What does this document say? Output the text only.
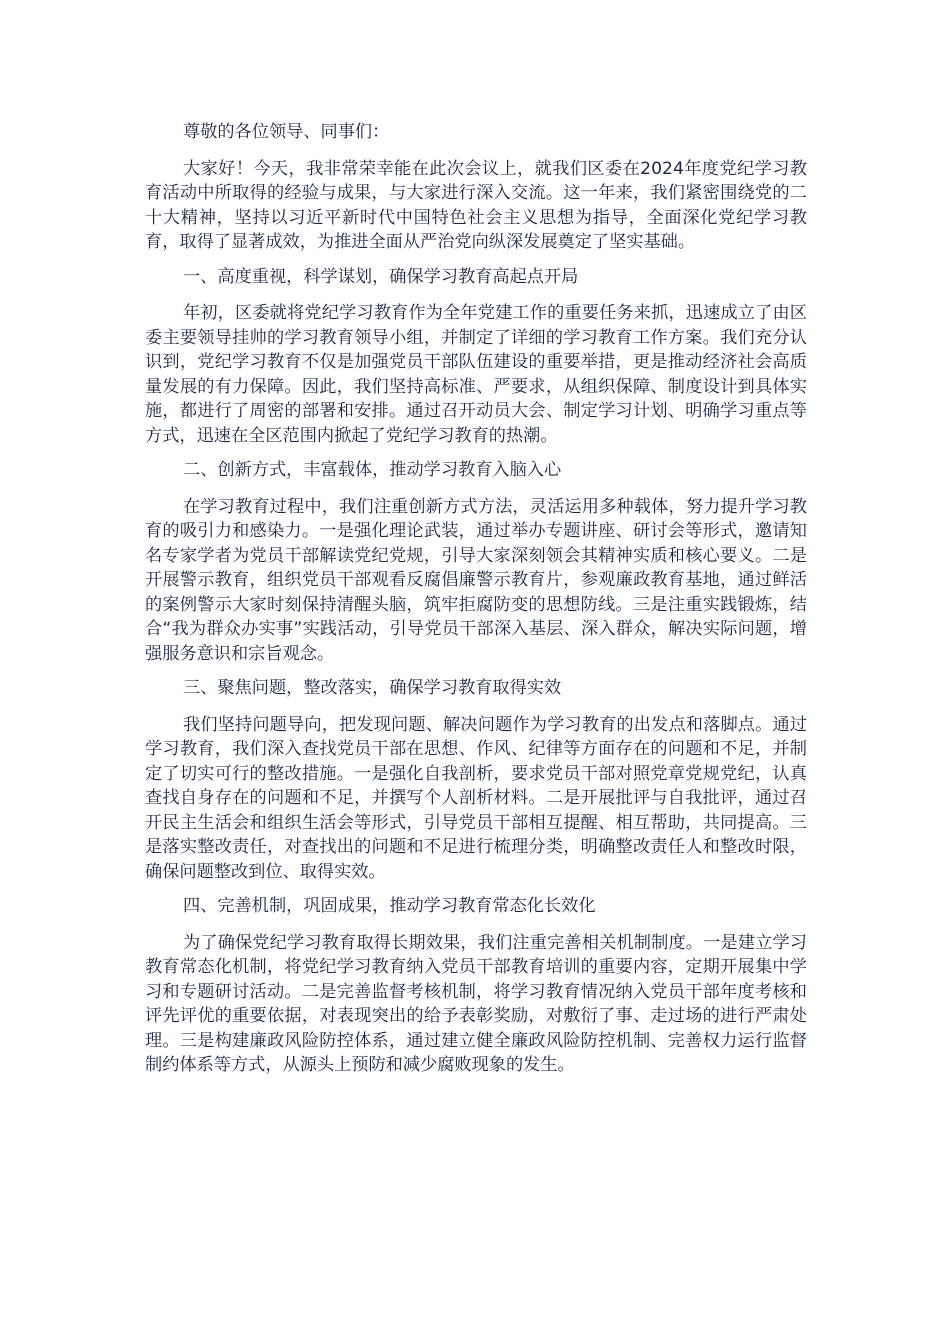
尊敬的各位领导、同事们：

大家好！今天，我非常荣幸能在此次会议上，就我们区委在2024年度党纪学习教育活动中所取得的经验与成果，与大家进行深入交流。这一年来，我们紧密围绕党的二十大精神，坚持以习近平新时代中国特色社会主义思想为指导，全面深化党纪学习教育，取得了显著成效，为推进全面从严治党向纵深发展奠定了坚实基础。

一、高度重视，科学谋划，确保学习教育高起点开局

年初，区委就将党纪学习教育作为全年党建工作的重要任务来抓，迅速成立了由区委主要领导挂帅的学习教育领导小组，并制定了详细的学习教育工作方案。我们充分认识到，党纪学习教育不仅是加强党员干部队伍建设的重要举措，更是推动经济社会高质量发展的有力保障。因此，我们坚持高标准、严要求，从组织保障、制度设计到具体实施，都进行了周密的部署和安排。通过召开动员大会、制定学习计划、明确学习重点等方式，迅速在全区范围内掀起了党纪学习教育的热潮。

二、创新方式，丰富载体，推动学习教育入脑入心

在学习教育过程中，我们注重创新方式方法，灵活运用多种载体，努力提升学习教育的吸引力和感染力。一是强化理论武装，通过举办专题讲座、研讨会等形式，邀请知名专家学者为党员干部解读党纪党规，引导大家深刻领会其精神实质和核心要义。二是开展警示教育，组织党员干部观看反腐倡廉警示教育片，参观廉政教育基地，通过鲜活的案例警示大家时刻保持清醒头脑，筑牢拒腐防变的思想防线。三是注重实践锻炼，结合“我为群众办实事”实践活动，引导党员干部深入基层、深入群众，解决实际问题，增强服务意识和宗旨观念。

三、聚焦问题，整改落实，确保学习教育取得实效

我们坚持问题导向，把发现问题、解决问题作为学习教育的出发点和落脚点。通过学习教育，我们深入查找党员干部在思想、作风、纪律等方面存在的问题和不足，并制定了切实可行的整改措施。一是强化自我剖析，要求党员干部对照党章党规党纪，认真查找自身存在的问题和不足，并撰写个人剖析材料。二是开展批评与自我批评，通过召开民主生活会和组织生活会等形式，引导党员干部相互提醒、相互帮助，共同提高。三是落实整改责任，对查找出的问题和不足进行梳理分类，明确整改责任人和整改时限，确保问题整改到位、取得实效。

四、完善机制，巩固成果，推动学习教育常态化长效化

为了确保党纪学习教育取得长期效果，我们注重完善相关机制制度。一是建立学习教育常态化机制，将党纪学习教育纳入党员干部教育培训的重要内容，定期开展集中学习和专题研讨活动。二是完善监督考核机制，将学习教育情况纳入党员干部年度考核和评先评优的重要依据，对表现突出的给予表彰奖励，对敷衍了事、走过场的进行严肃处理。三是构建廉政风险防控体系，通过建立健全廉政风险防控机制、完善权力运行监督制约体系等方式，从源头上预防和减少腐败现象的发生。
